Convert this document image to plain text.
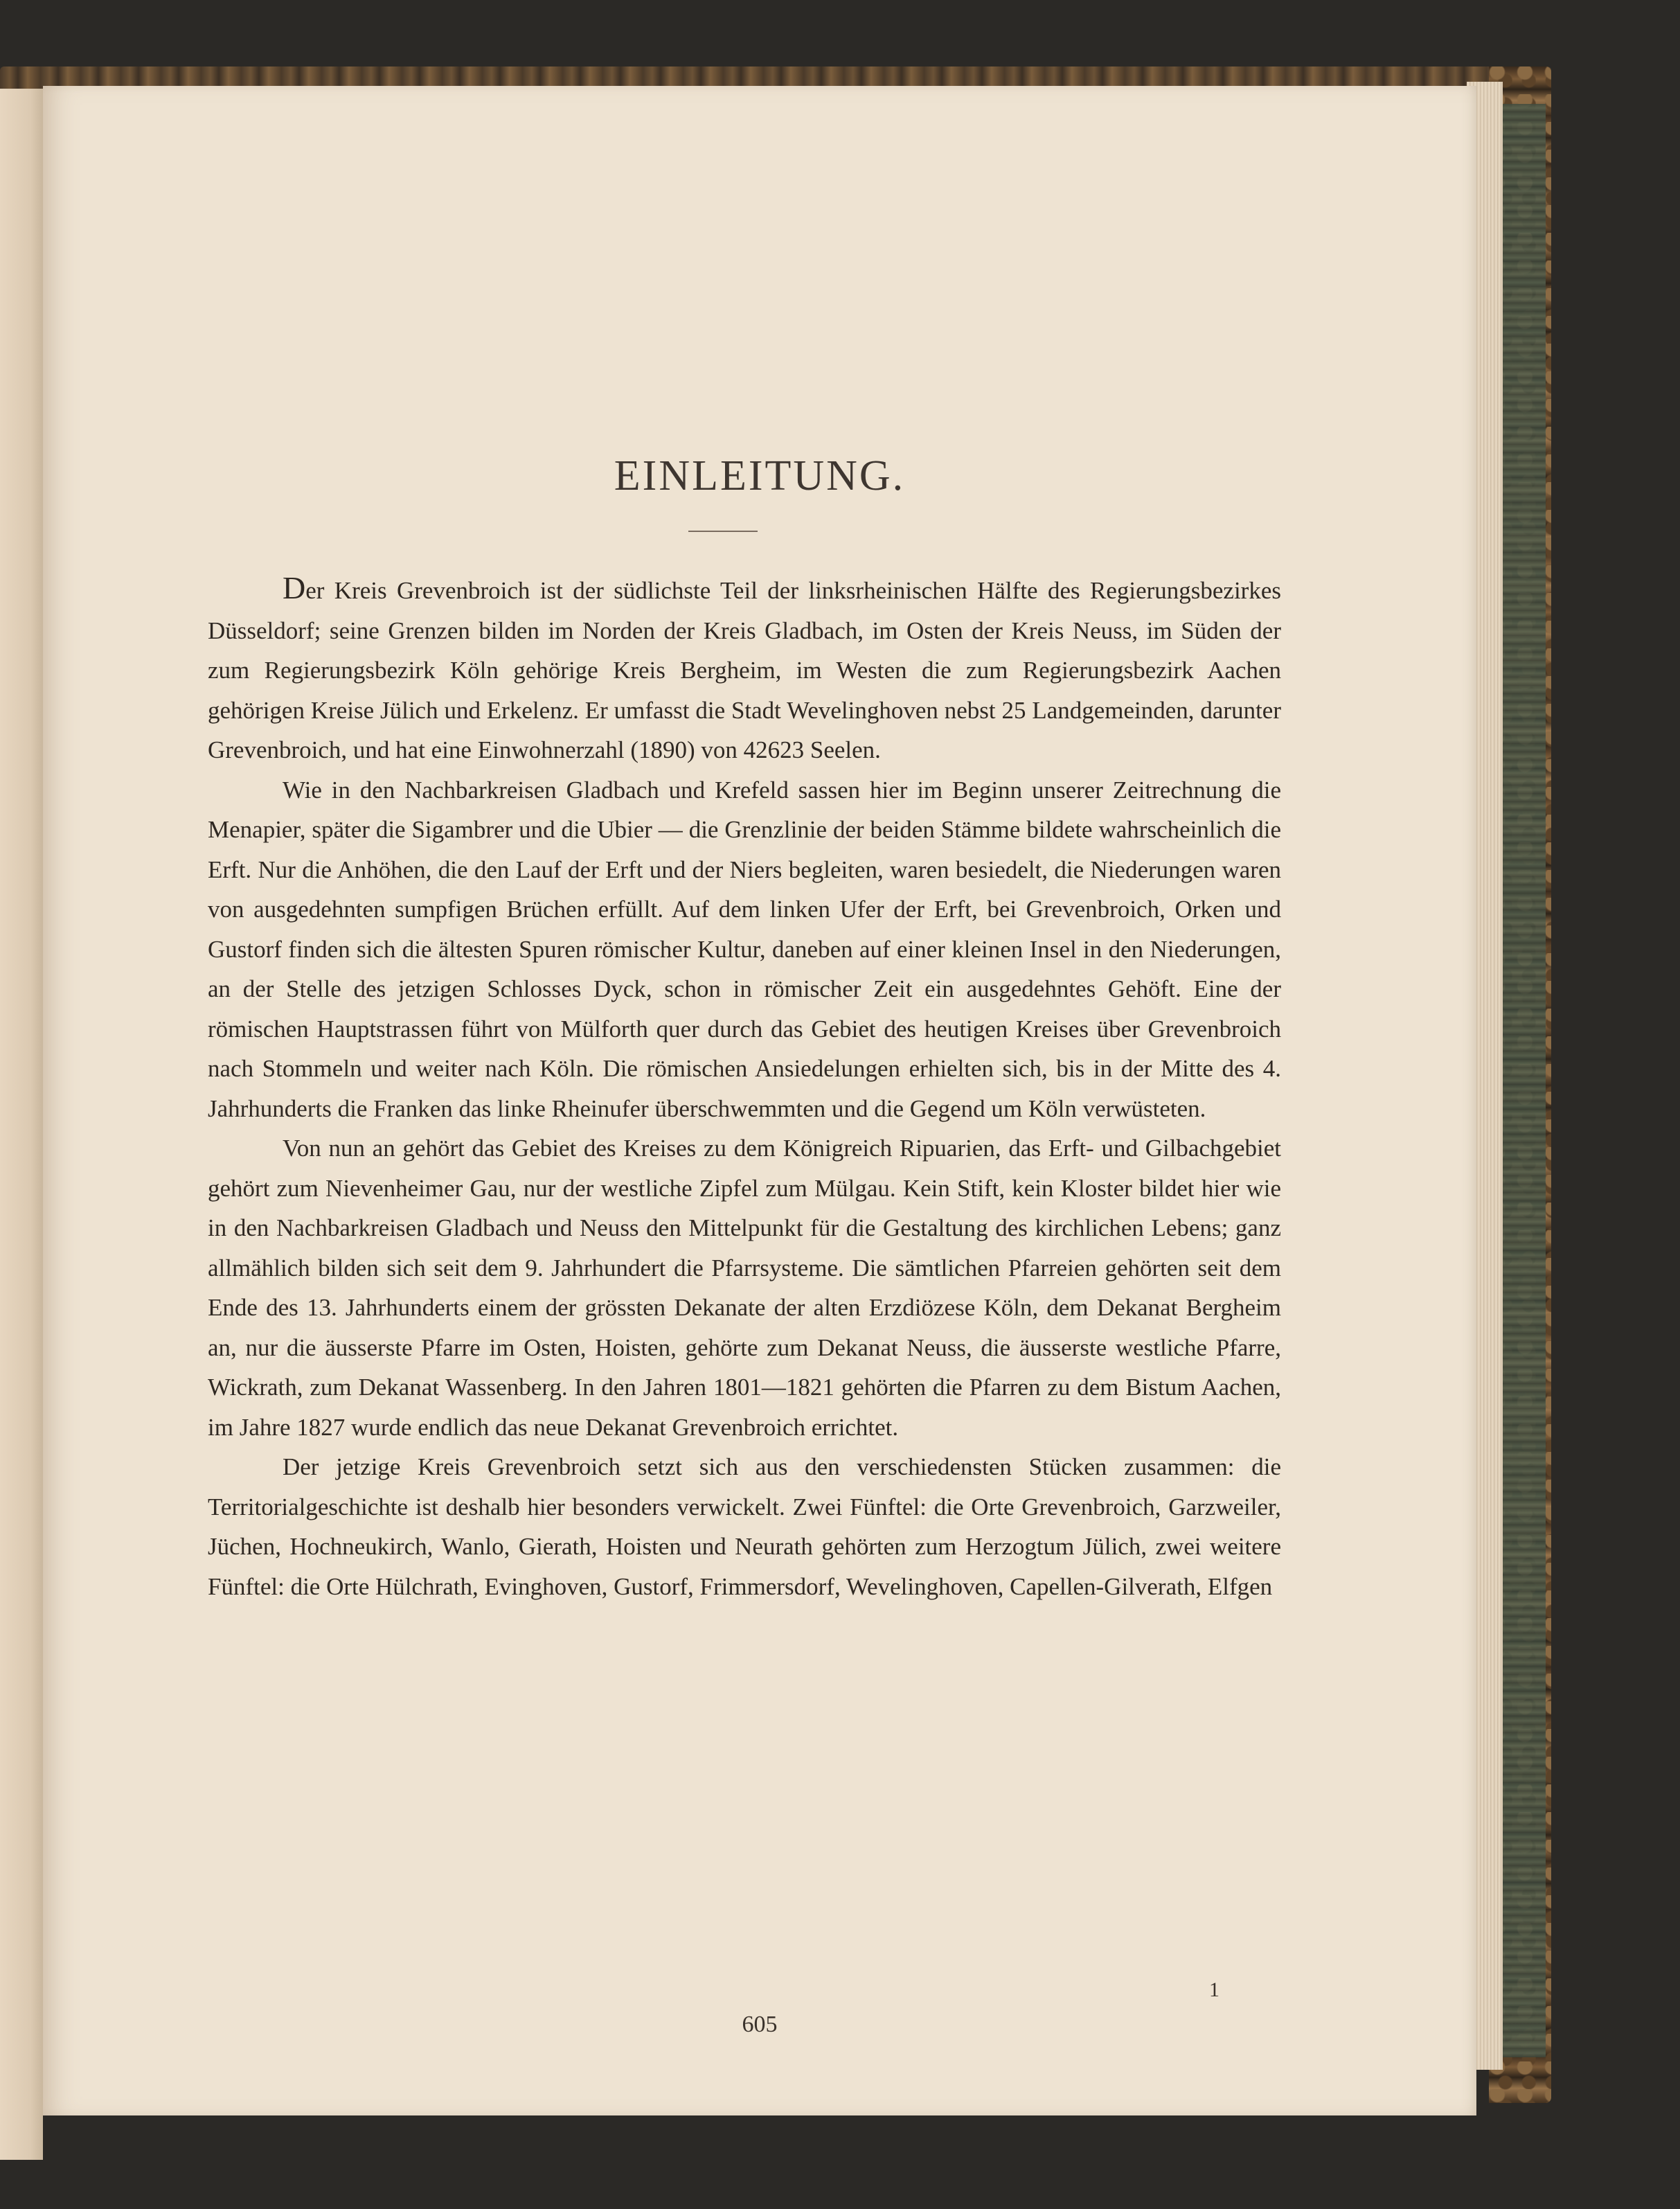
EINLEITUNG.

Der Kreis Grevenbroich ist der südlichste Teil der linksrheinischen Hälfte des Regierungsbezirkes Düsseldorf; seine Grenzen bilden im Norden der Kreis Gladbach, im Osten der Kreis Neuss, im Süden der zum Regierungsbezirk Köln gehörige Kreis Bergheim, im Westen die zum Regierungsbezirk Aachen gehörigen Kreise Jülich und Erkelenz. Er umfasst die Stadt Wevelinghoven nebst 25 Landgemeinden, darunter Grevenbroich, und hat eine Einwohnerzahl (1890) von 42623 Seelen.

Wie in den Nachbarkreisen Gladbach und Krefeld sassen hier im Beginn unserer Zeitrechnung die Menapier, später die Sigambrer und die Ubier — die Grenzlinie der beiden Stämme bildete wahrscheinlich die Erft. Nur die Anhöhen, die den Lauf der Erft und der Niers begleiten, waren besiedelt, die Niederungen waren von ausgedehnten sumpfigen Brüchen erfüllt. Auf dem linken Ufer der Erft, bei Grevenbroich, Orken und Gustorf finden sich die ältesten Spuren römischer Kultur, daneben auf einer kleinen Insel in den Niederungen, an der Stelle des jetzigen Schlosses Dyck, schon in römischer Zeit ein ausgedehntes Gehöft. Eine der römischen Hauptstrassen führt von Mülforth quer durch das Gebiet des heutigen Kreises über Grevenbroich nach Stommeln und weiter nach Köln. Die römischen Ansiedelungen erhielten sich, bis in der Mitte des 4. Jahrhunderts die Franken das linke Rheinufer überschwemmten und die Gegend um Köln verwüsteten.

Von nun an gehört das Gebiet des Kreises zu dem Königreich Ripuarien, das Erft- und Gilbachgebiet gehört zum Nievenheimer Gau, nur der westliche Zipfel zum Mülgau. Kein Stift, kein Kloster bildet hier wie in den Nachbarkreisen Gladbach und Neuss den Mittelpunkt für die Gestaltung des kirchlichen Lebens; ganz allmählich bilden sich seit dem 9. Jahrhundert die Pfarrsysteme. Die sämtlichen Pfarreien gehörten seit dem Ende des 13. Jahrhunderts einem der grössten Dekanate der alten Erzdiözese Köln, dem Dekanat Bergheim an, nur die äusserste Pfarre im Osten, Hoisten, gehörte zum Dekanat Neuss, die äusserste westliche Pfarre, Wickrath, zum Dekanat Wassenberg. In den Jahren 1801—1821 gehörten die Pfarren zu dem Bistum Aachen, im Jahre 1827 wurde endlich das neue Dekanat Grevenbroich errichtet.

Der jetzige Kreis Grevenbroich setzt sich aus den verschiedensten Stücken zusammen: die Territorialgeschichte ist deshalb hier besonders verwickelt. Zwei Fünftel: die Orte Grevenbroich, Garzweiler, Jüchen, Hochneukirch, Wanlo, Gierath, Hoisten und Neurath gehörten zum Herzogtum Jülich, zwei weitere Fünftel: die Orte Hülchrath, Evinghoven, Gustorf, Frimmersdorf, Wevelinghoven, Capellen-Gilverath, Elfgen

1
605
